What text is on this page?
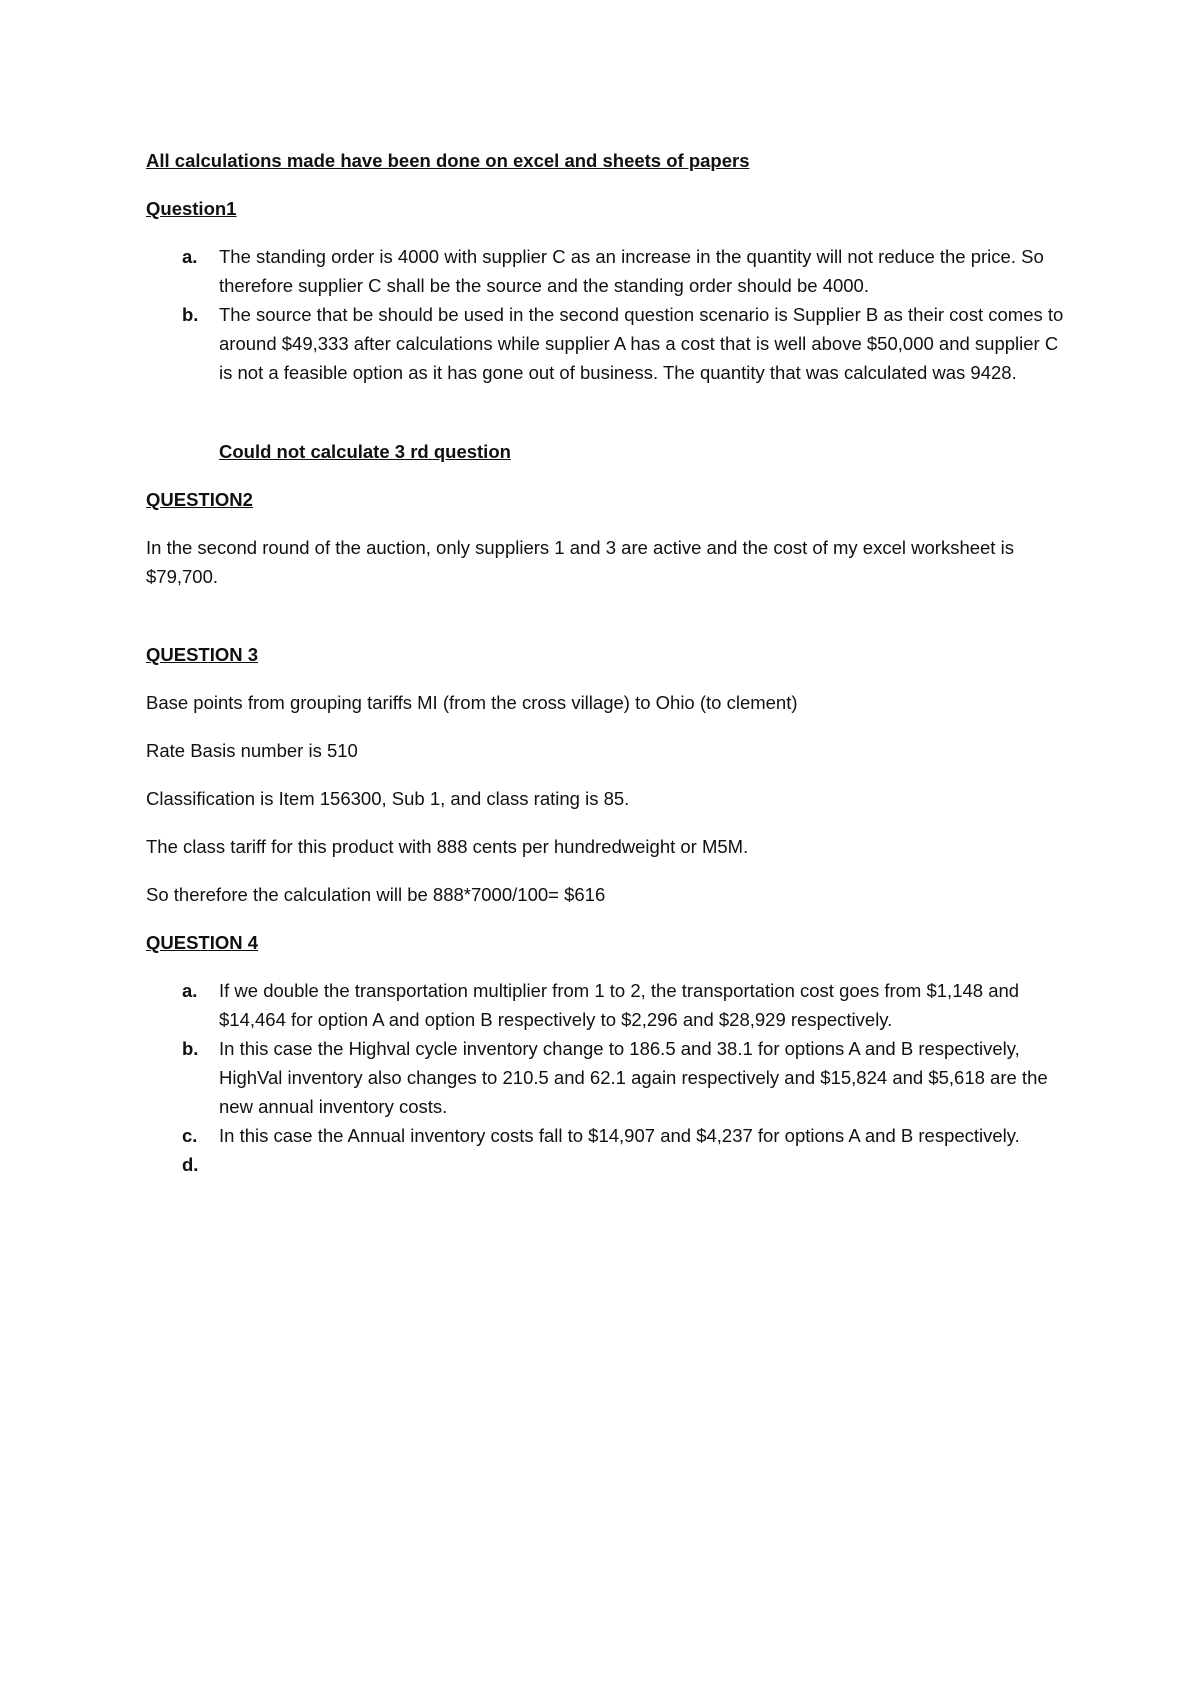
All calculations made have been done on excel and sheets of papers

Question1

a. The standing order is 4000 with supplier C as an increase in the quantity will not reduce the price. So therefore supplier C shall be the source and the standing order should be 4000.
b. The source that be should be used in the second question scenario is Supplier B as their cost comes to around $49,333 after calculations while supplier A has a cost that is well above $50,000 and supplier C is not a feasible option as it has gone out of business. The quantity that was calculated was 9428.

Could not calculate 3 rd question

QUESTION2

In the second round of the auction, only suppliers 1 and 3 are active and the cost of my excel worksheet is $79,700.

QUESTION 3

Base points from grouping tariffs MI (from the cross village) to Ohio (to clement)

Rate Basis number is 510

Classification is Item 156300, Sub 1, and class rating is 85.

The class tariff for this product with 888 cents per hundredweight or M5M.

So therefore the calculation will be 888*7000/100= $616

QUESTION 4

a. If we double the transportation multiplier from 1 to 2, the transportation cost goes from $1,148 and $14,464 for option A and option B respectively to $2,296 and $28,929 respectively.
b. In this case the Highval cycle inventory change to 186.5 and 38.1 for options A and B respectively, HighVal inventory also changes to 210.5 and 62.1 again respectively and $15,824 and $5,618 are the new annual inventory costs.
c. In this case the Annual inventory costs fall to $14,907 and $4,237 for options A and B respectively.
d.
